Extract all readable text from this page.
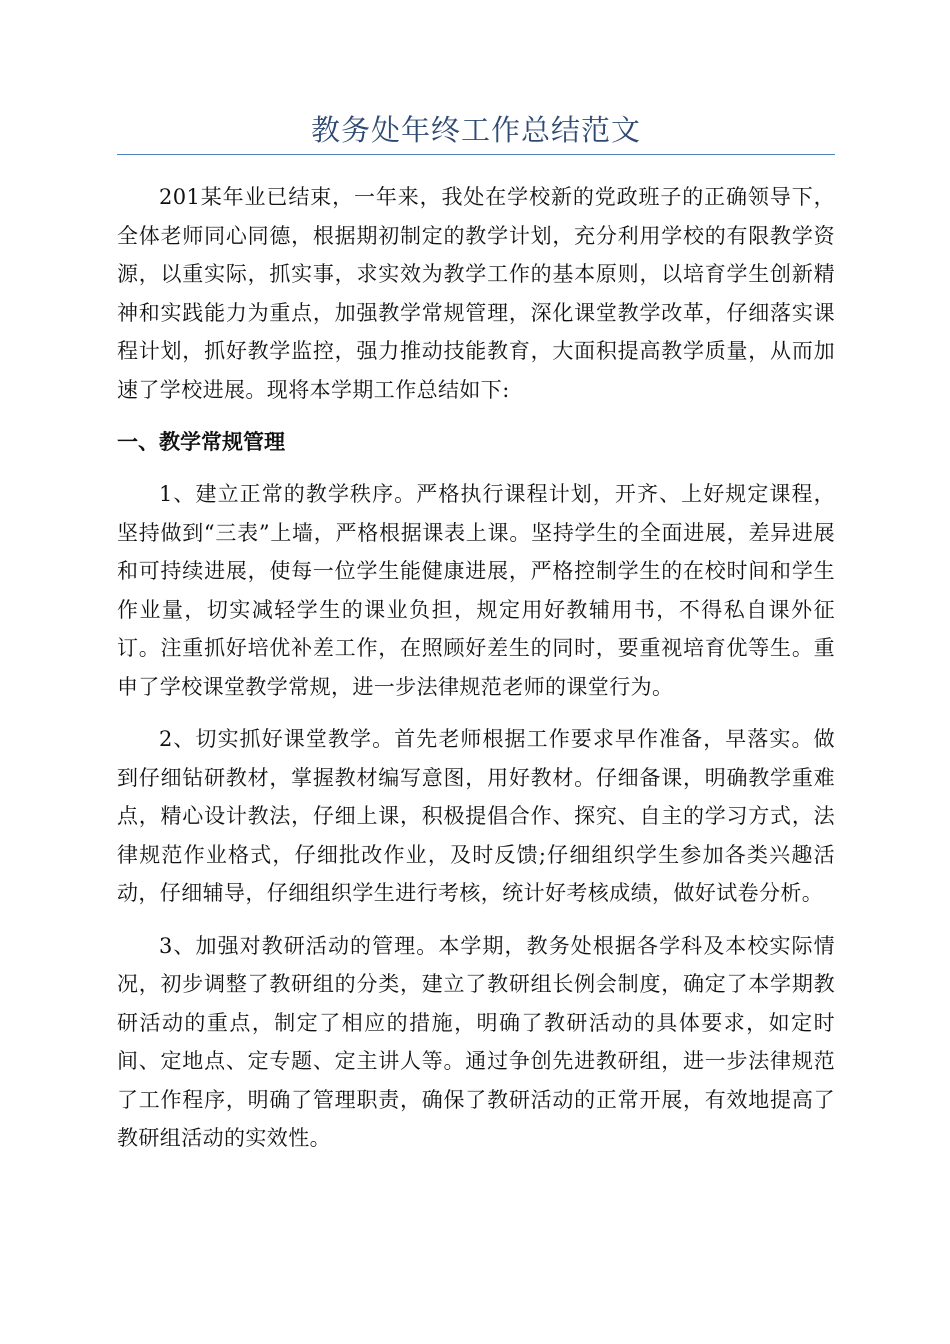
教务处年终工作总结范文

201某年业已结束，一年来，我处在学校新的党政班子的正确领导下，全体老师同心同德，根据期初制定的教学计划，充分利用学校的有限教学资源，以重实际，抓实事，求实效为教学工作的基本原则，以培育学生创新精神和实践能力为重点，加强教学常规管理，深化课堂教学改革，仔细落实课程计划，抓好教学监控，强力推动技能教育，大面积提高教学质量，从而加速了学校进展。现将本学期工作总结如下:

一、教学常规管理

1、建立正常的教学秩序。严格执行课程计划，开齐、上好规定课程，坚持做到“三表”上墙，严格根据课表上课。坚持学生的全面进展，差异进展和可持续进展，使每一位学生能健康进展，严格控制学生的在校时间和学生作业量，切实减轻学生的课业负担，规定用好教辅用书，不得私自课外征订。注重抓好培优补差工作，在照顾好差生的同时，要重视培育优等生。重申了学校课堂教学常规，进一步法律规范老师的课堂行为。

2、切实抓好课堂教学。首先老师根据工作要求早作准备，早落实。做到仔细钻研教材，掌握教材编写意图，用好教材。仔细备课，明确教学重难点，精心设计教法，仔细上课，积极提倡合作、探究、自主的学习方式，法律规范作业格式，仔细批改作业，及时反馈;仔细组织学生参加各类兴趣活动，仔细辅导，仔细组织学生进行考核，统计好考核成绩，做好试卷分析。

3、加强对教研活动的管理。本学期，教务处根据各学科及本校实际情况，初步调整了教研组的分类，建立了教研组长例会制度，确定了本学期教研活动的重点，制定了相应的措施，明确了教研活动的具体要求，如定时间、定地点、定专题、定主讲人等。通过争创先进教研组，进一步法律规范了工作程序，明确了管理职责，确保了教研活动的正常开展，有效地提高了教研组活动的实效性。
